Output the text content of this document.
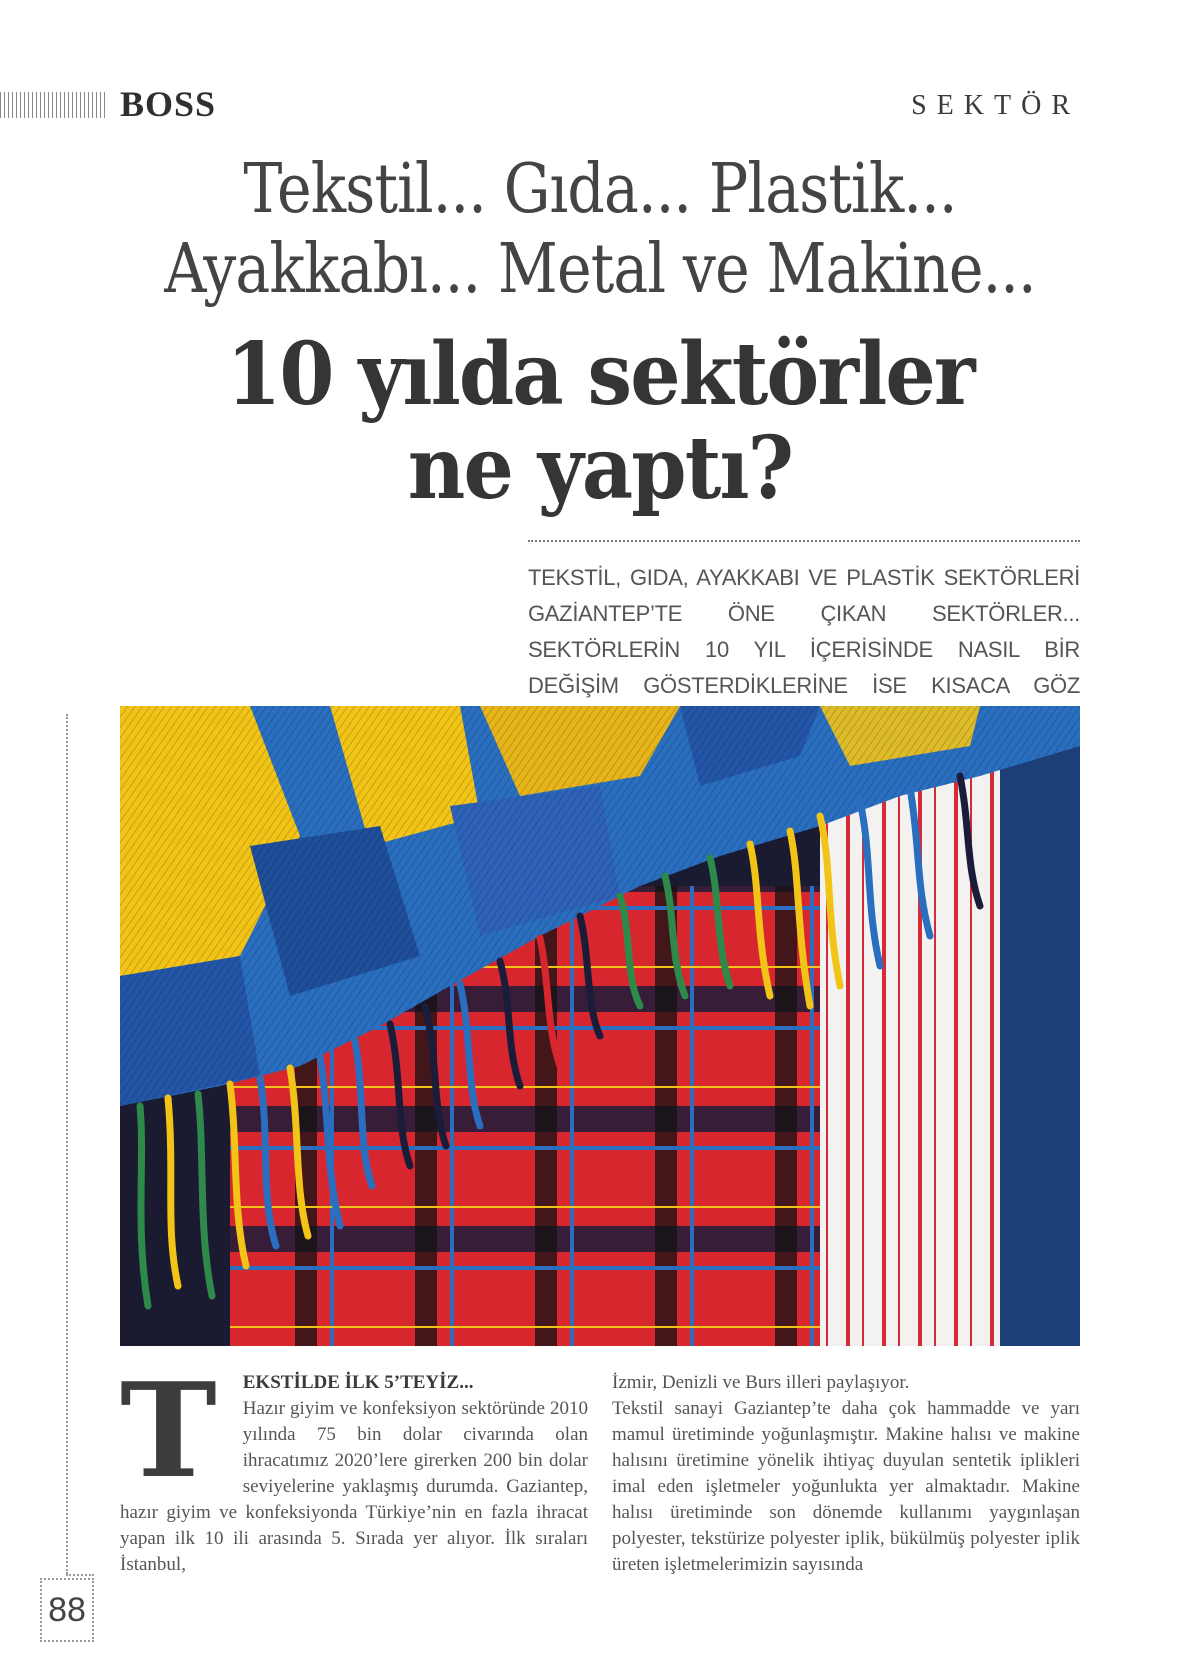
BOSS	SEKTÖR
Tekstil... Gıda... Plastik...
Ayakkabı... Metal ve Makine...
10 yılda sektörler
ne yaptı?

TEKSTİL, GIDA, AYAKKABI VE PLASTİK SEKTÖRLERİ GAZİANTEP’TE ÖNE ÇIKAN SEKTÖRLER... SEKTÖRLERİN 10 YIL İÇERİSİNDE NASIL BİR DEĞİŞİM GÖSTERDİKLERİNE İSE KISACA GÖZ

T	EKSTİLDE İLK 5’TEYİZ...

Hazır giyim ve konfeksiyon sektöründe 2010 yılında 75 bin dolar civarında olan ihracatımız 2020’lere girerken 200 bin dolar seviyelerine yaklaşmış durumda. Gaziantep, hazır giyim ve konfeksiyonda Türkiye’nin en fazla ihracat yapan ilk 10 ili arasında 5. Sırada yer alıyor. İlk sıraları İstanbul,

İzmir, Denizli ve Burs illeri paylaşıyor.

Tekstil sanayi Gaziantep’te daha çok hammadde ve yarı mamul üretiminde yoğunlaşmıştır. Makine halısı ve makine halısını üretimine yönelik ihtiyaç duyulan sentetik iplikleri imal eden işletmeler yoğunlukta yer almaktadır. Makine halısı üretiminde son dönemde kullanımı yaygınlaşan polyester, tekstürize polyester iplik, bükülmüş polyester iplik üreten işletmelerimizin sayısında

88
